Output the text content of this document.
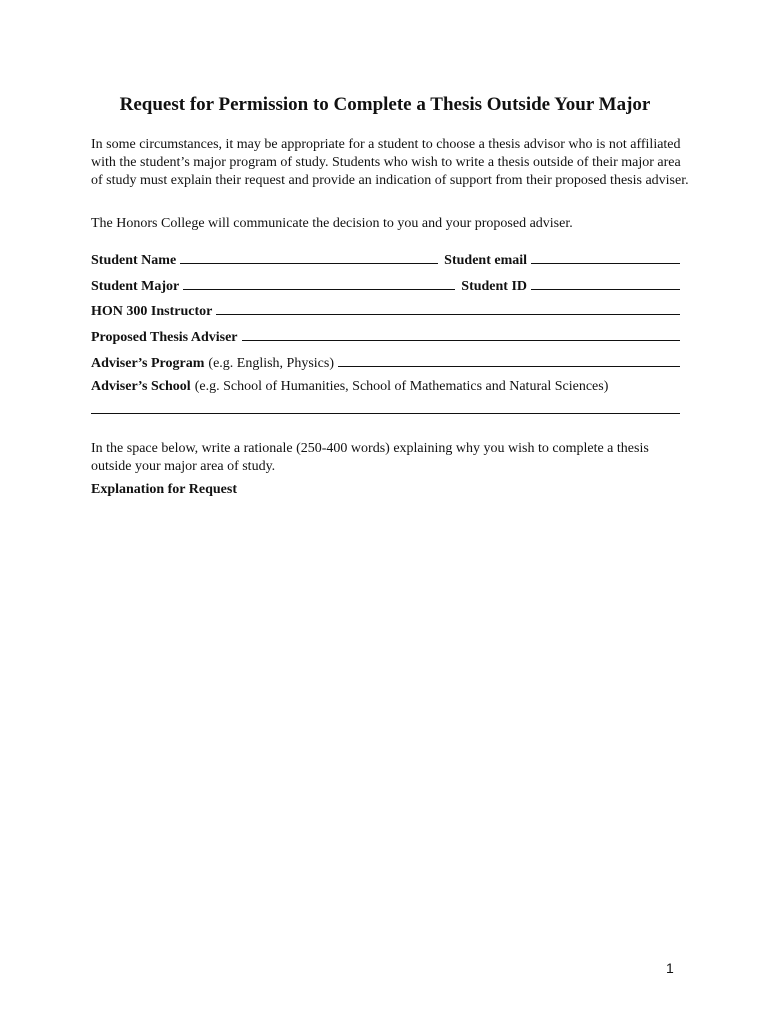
Request for Permission to Complete a Thesis Outside Your Major
In some circumstances, it may be appropriate for a student to choose a thesis advisor who is not affiliated with the student’s major program of study. Students who wish to write a thesis outside of their major area of study must explain their request and provide an indication of support from their proposed thesis adviser.
The Honors College will communicate the decision to you and your proposed adviser.
Student Name	Student email
Student Major	Student ID
HON 300 Instructor
Proposed Thesis Adviser
Adviser’s Program (e.g. English, Physics)
Adviser’s School (e.g. School of Humanities, School of Mathematics and Natural Sciences)
In the space below, write a rationale (250-400 words) explaining why you wish to complete a thesis outside your major area of study.
Explanation for Request
1
